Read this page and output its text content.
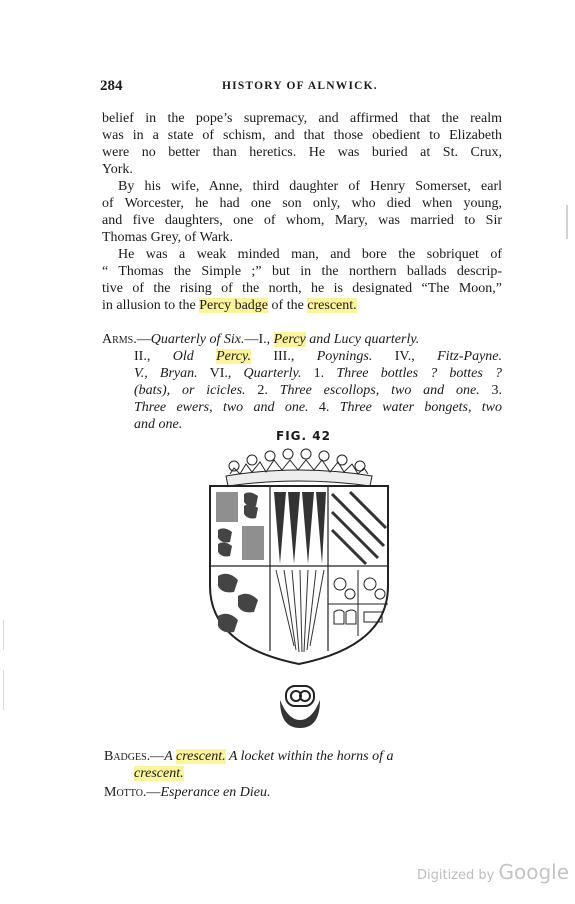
284	HISTORY OF ALNWICK.
belief in the pope’s supremacy, and affirmed that the realm
was in a state of schism, and that those obedient to Elizabeth
were no better than heretics. He was buried at St. Crux,
York.
By his wife, Anne, third daughter of Henry Somerset, earl
of Worcester, he had one son only, who died when young,
and five daughters, one of whom, Mary, was married to Sir
Thomas Grey, of Wark.
He was a weak minded man, and bore the sobriquet of
“ Thomas the Simple ;” but in the northern ballads descrip-
tive of the rising of the north, he is designated “The Moon,”
in allusion to the Percy badge of the crescent.
Arms.—Quarterly of Six.—I., Percy and Lucy quarterly.
II., Old Percy. III., Poynings. IV., Fitz-Payne.
V., Bryan. VI., Quarterly. 1. Three bottles ? bottes ?
(bats), or icicles. 2. Three escollops, two and one. 3.
Three ewers, two and one. 4. Three water bongets, two
and one.
FIG. 42
Badges.—A crescent. A locket within the horns of a
crescent.
Motto.—Esperance en Dieu.
Digitized by Google
